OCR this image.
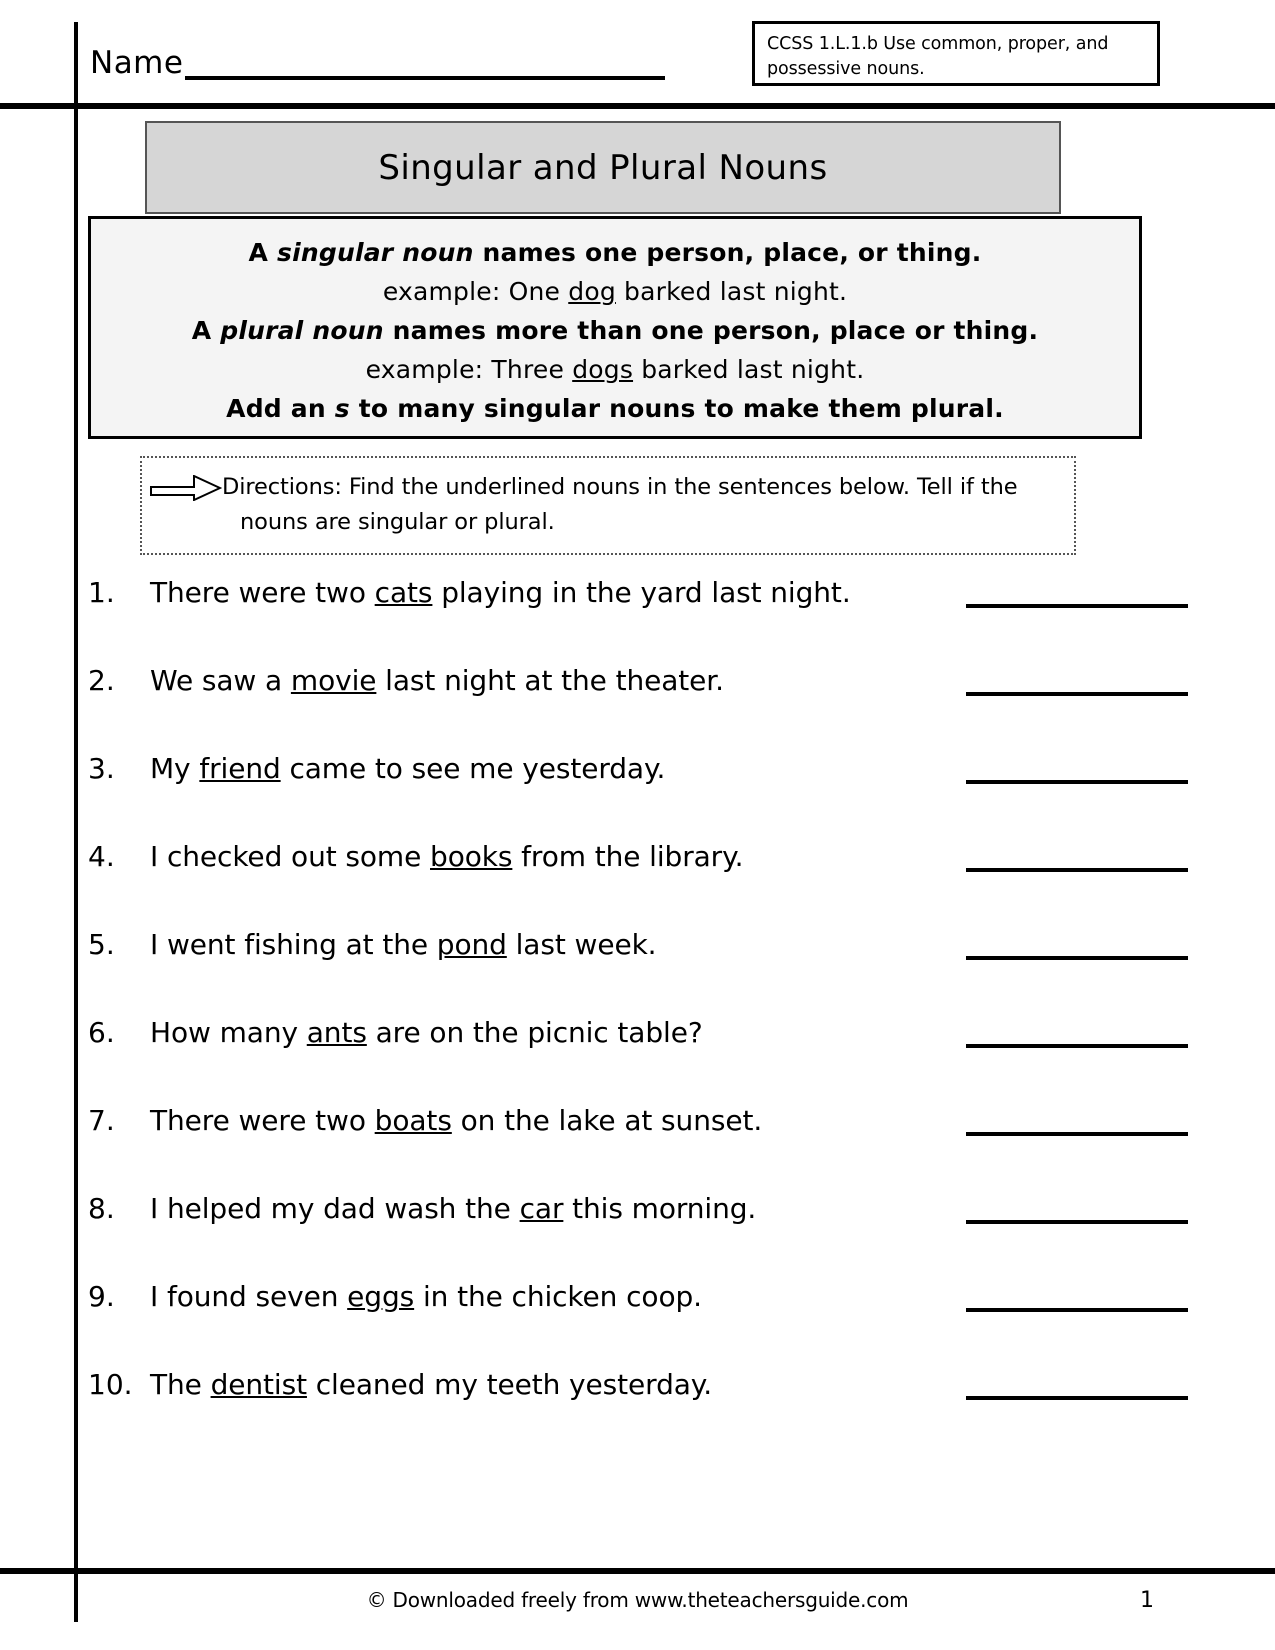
Name
CCSS 1.L.1.b Use common, proper, and possessive nouns.
Singular and Plural Nouns
A singular noun names one person, place, or thing.
example: One dog barked last night.
A plural noun names more than one person, place or thing.
example: Three dogs barked last night.
Add an s to many singular nouns to make them plural.
Directions: Find the underlined nouns in the sentences below. Tell if the
nouns are singular or plural.
1.	There were two cats playing in the yard last night.
2.	We saw a movie last night at the theater.
3.	My friend came to see me yesterday.
4.	I checked out some books from the library.
5.	I went fishing at the pond last week.
6.	How many ants are on the picnic table?
7.	There were two boats on the lake at sunset.
8.	I helped my dad wash the car this morning.
9.	I found seven eggs in the chicken coop.
10. The dentist cleaned my teeth yesterday.
© Downloaded freely from www.theteachersguide.com	1
